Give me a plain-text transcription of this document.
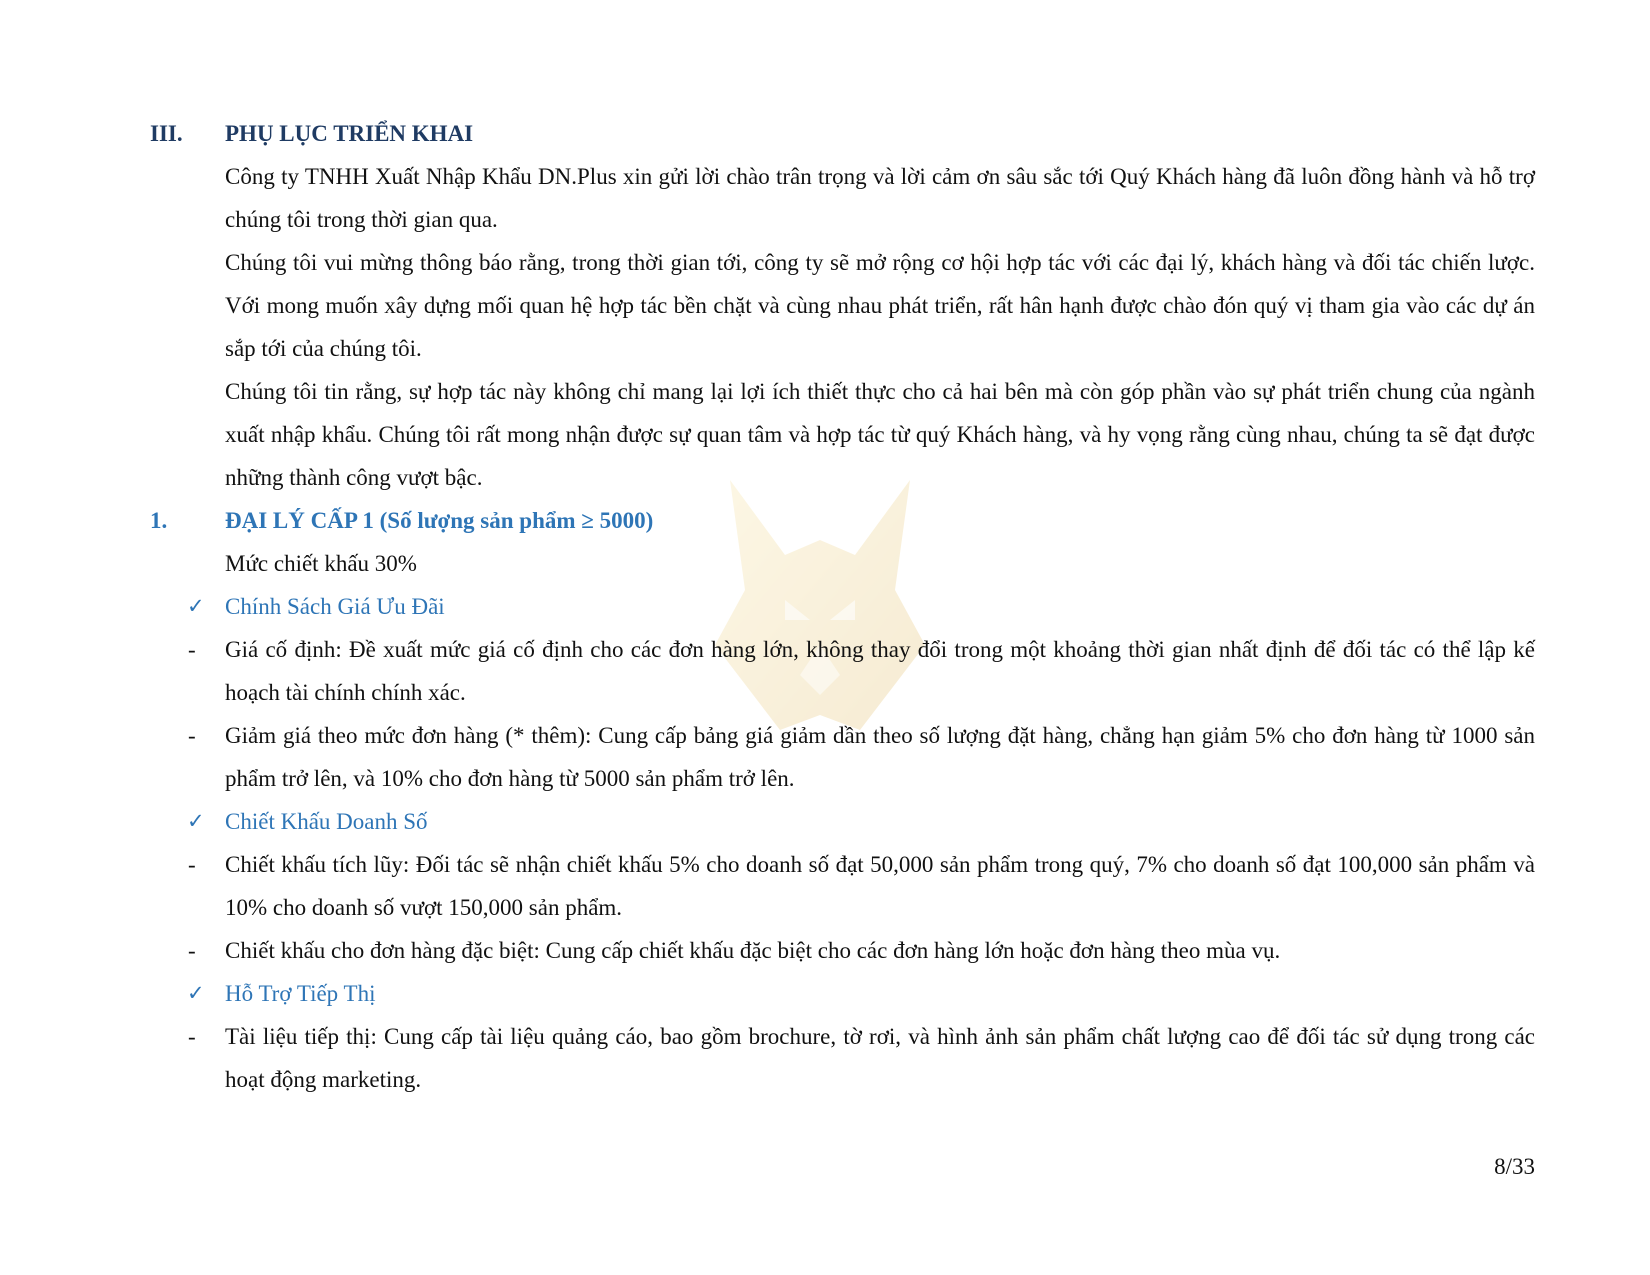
III. PHỤ LỤC TRIỂN KHAI
Công ty TNHH Xuất Nhập Khẩu DN.Plus xin gửi lời chào trân trọng và lời cảm ơn sâu sắc tới Quý Khách hàng đã luôn đồng hành và hỗ trợ chúng tôi trong thời gian qua.
Chúng tôi vui mừng thông báo rằng, trong thời gian tới, công ty sẽ mở rộng cơ hội hợp tác với các đại lý, khách hàng và đối tác chiến lược. Với mong muốn xây dựng mối quan hệ hợp tác bền chặt và cùng nhau phát triển, rất hân hạnh được chào đón quý vị tham gia vào các dự án sắp tới của chúng tôi.
Chúng tôi tin rằng, sự hợp tác này không chỉ mang lại lợi ích thiết thực cho cả hai bên mà còn góp phần vào sự phát triển chung của ngành xuất nhập khẩu. Chúng tôi rất mong nhận được sự quan tâm và hợp tác từ quý Khách hàng, và hy vọng rằng cùng nhau, chúng ta sẽ đạt được những thành công vượt bậc.
1.	ĐẠI LÝ CẤP 1 (Số lượng sản phẩm ≥ 5000)
Mức chiết khấu 30%
✓ Chính Sách Giá Ưu Đãi
- Giá cố định: Đề xuất mức giá cố định cho các đơn hàng lớn, không thay đổi trong một khoảng thời gian nhất định để đối tác có thể lập kế hoạch tài chính chính xác.
- Giảm giá theo mức đơn hàng (* thêm): Cung cấp bảng giá giảm dần theo số lượng đặt hàng, chẳng hạn giảm 5% cho đơn hàng từ 1000 sản phẩm trở lên, và 10% cho đơn hàng từ 5000 sản phẩm trở lên.
✓ Chiết Khấu Doanh Số
- Chiết khấu tích lũy: Đối tác sẽ nhận chiết khấu 5% cho doanh số đạt 50,000 sản phẩm trong quý, 7% cho doanh số đạt 100,000 sản phẩm và 10% cho doanh số vượt 150,000 sản phẩm.
- Chiết khấu cho đơn hàng đặc biệt: Cung cấp chiết khấu đặc biệt cho các đơn hàng lớn hoặc đơn hàng theo mùa vụ.
✓ Hỗ Trợ Tiếp Thị
- Tài liệu tiếp thị: Cung cấp tài liệu quảng cáo, bao gồm brochure, tờ rơi, và hình ảnh sản phẩm chất lượng cao để đối tác sử dụng trong các hoạt động marketing.
8/33
